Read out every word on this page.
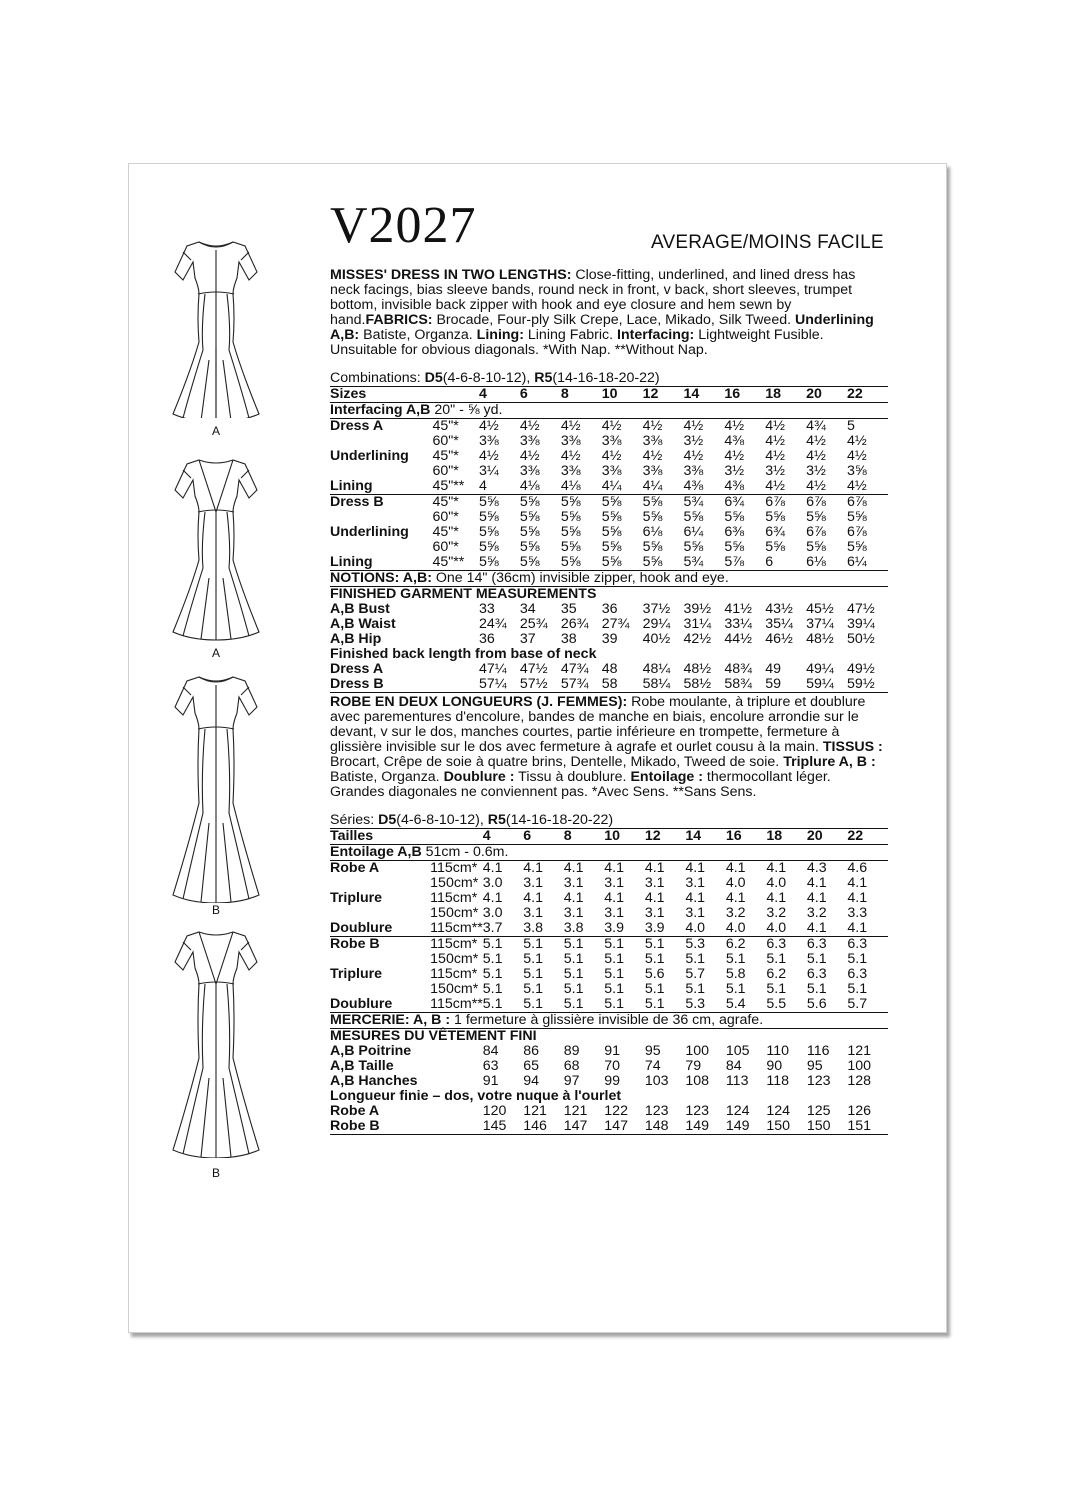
A
A
B
B
V2027	AVERAGE/MOINS FACILE

MISSES' DRESS IN TWO LENGTHS: Close-fitting, underlined, and lined dress has neck facings, bias sleeve bands, round neck in front, v back, short sleeves, trumpet bottom, invisible back zipper with hook and eye closure and hem sewn by hand.FABRICS: Brocade, Four-ply Silk Crepe, Lace, Mikado, Silk Tweed. Underlining A,B: Batiste, Organza. Lining: Lining Fabric. Interfacing: Lightweight Fusible. Unsuitable for obvious diagonals. *With Nap. **Without Nap.

Combinations: D5(4-6-8-10-12), R5(14-16-18-20-22)

Sizes		4	6	8	10	12	14	16	18	20	22
Interfacing A,B 20" - ⅝ yd.											
Dress A	45"*	4½	4½	4½	4½	4½	4½	4½	4½	4¾	5
	60"*	3⅜	3⅜	3⅜	3⅜	3⅜	3½	4⅜	4½	4½	4½
Underlining	45"*	4½	4½	4½	4½	4½	4½	4½	4½	4½	4½
	60"*	3¼	3⅜	3⅜	3⅜	3⅜	3⅜	3½	3½	3½	3⅝
Lining	45"**	4	4⅛	4⅛	4¼	4¼	4⅜	4⅜	4½	4½	4½
Dress B	45"*	5⅝	5⅝	5⅝	5⅝	5⅝	5¾	6¾	6⅞	6⅞	6⅞
	60"*	5⅝	5⅝	5⅝	5⅝	5⅝	5⅝	5⅝	5⅝	5⅝	5⅝
Underlining	45"*	5⅝	5⅝	5⅝	5⅝	6⅛	6¼	6⅜	6¾	6⅞	6⅞
	60"*	5⅝	5⅝	5⅝	5⅝	5⅝	5⅝	5⅝	5⅝	5⅝	5⅝
Lining	45"**	5⅝	5⅝	5⅝	5⅝	5⅝	5¾	5⅞	6	6⅛	6¼
NOTIONS: A,B: One 14" (36cm) invisible zipper, hook and eye.											
FINISHED GARMENT MEASUREMENTS											
A,B Bust		33	34	35	36	37½	39½	41½	43½	45½	47½
A,B Waist		24¾	25¾	26¾	27¾	29¼	31¼	33¼	35¼	37¼	39¼
A,B Hip		36	37	38	39	40½	42½	44½	46½	48½	50½
Finished back length from base of neck											
Dress A		47¼	47½	47¾	48	48¼	48½	48¾	49	49¼	49½
Dress B		57¼	57½	57¾	58	58¼	58½	58¾	59	59¼	59½

ROBE EN DEUX LONGUEURS (J. FEMMES): Robe moulante, à triplure et doublure avec parementures d'encolure, bandes de manche en biais, encolure arrondie sur le devant, v sur le dos, manches courtes, partie inférieure en trompette, fermeture à glissière invisible sur le dos avec fermeture à agrafe et ourlet cousu à la main. TISSUS : Brocart, Crêpe de soie à quatre brins, Dentelle, Mikado, Tweed de soie. Triplure A, B : Batiste, Organza. Doublure : Tissu à doublure. Entoilage : thermocollant léger. Grandes diagonales ne conviennent pas. *Avec Sens. **Sans Sens.

Séries: D5(4-6-8-10-12), R5(14-16-18-20-22)

Tailles		4	6	8	10	12	14	16	18	20	22
Entoilage A,B 51cm - 0.6m.											
Robe A	115cm*	4.1	4.1	4.1	4.1	4.1	4.1	4.1	4.1	4.3	4.6
	150cm*	3.0	3.1	3.1	3.1	3.1	3.1	4.0	4.0	4.1	4.1
Triplure	115cm*	4.1	4.1	4.1	4.1	4.1	4.1	4.1	4.1	4.1	4.1
	150cm*	3.0	3.1	3.1	3.1	3.1	3.1	3.2	3.2	3.2	3.3
Doublure	115cm**	3.7	3.8	3.8	3.9	3.9	4.0	4.0	4.0	4.1	4.1
Robe B	115cm*	5.1	5.1	5.1	5.1	5.1	5.3	6.2	6.3	6.3	6.3
	150cm*	5.1	5.1	5.1	5.1	5.1	5.1	5.1	5.1	5.1	5.1
Triplure	115cm*	5.1	5.1	5.1	5.1	5.6	5.7	5.8	6.2	6.3	6.3
	150cm*	5.1	5.1	5.1	5.1	5.1	5.1	5.1	5.1	5.1	5.1
Doublure	115cm**	5.1	5.1	5.1	5.1	5.1	5.3	5.4	5.5	5.6	5.7
MERCERIE: A, B : 1 fermeture à glissière invisible de 36 cm, agrafe.											
MESURES DU VÊTEMENT FINI											
A,B Poitrine		84	86	89	91	95	100	105	110	116	121
A,B Taille		63	65	68	70	74	79	84	90	95	100
A,B Hanches		91	94	97	99	103	108	113	118	123	128
Longueur finie – dos, votre nuque à l'ourlet											
Robe A		120	121	121	122	123	123	124	124	125	126
Robe B		145	146	147	147	148	149	149	150	150	151
